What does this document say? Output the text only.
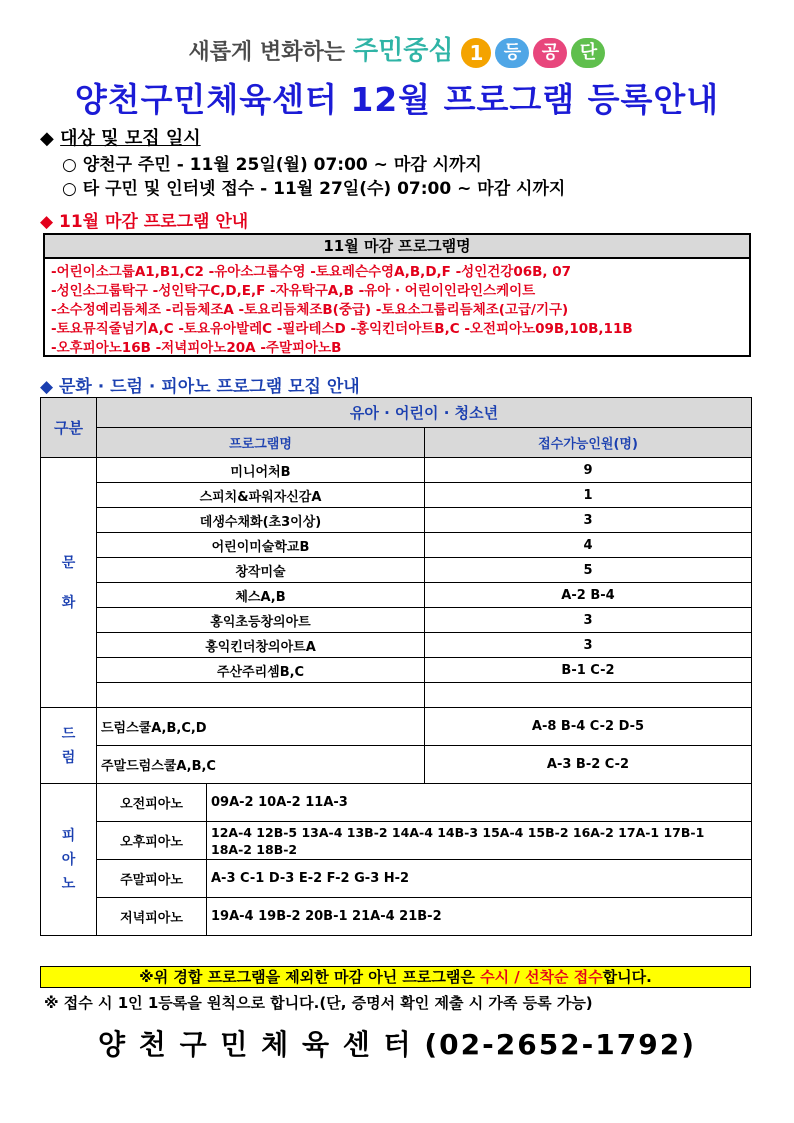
새롭게 변화하는 주민중심 1 등 공 단
양천구민체육센터 12월 프로그램 등록안내
◆ 대상 및 모집 일시
○ 양천구 주민 - 11월 25일(월) 07:00 ~ 마감 시까지
○ 타 구민 및 인터넷 접수 - 11월 27일(수) 07:00 ~ 마감 시까지
◆ 11월 마감 프로그램 안내
11월 마감 프로그램명
-어린이소그룹A1,B1,C2 -유아소그룹수영 -토요레슨수영A,B,D,F -성인건강06B, 07
-성인소그룹탁구 -성인탁구C,D,E,F -자유탁구A,B -유아 · 어린이인라인스케이트
-소수정예리듬체조 -리듬체조A -토요리듬체조B(중급) -토요소그룹리듬체조(고급/기구)
-토요뮤직줄넘기A,C -토요유아발레C -필라테스D -홍익킨더아트B,C -오전피아노09B,10B,11B
-오후피아노16B -저녁피아노20A -주말피아노B
◆ 문화 · 드럼 · 피아노 프로그램 모집 안내
구분	유아 · 어린이 · 청소년		
	프로그램명		접수가능인원(명)

문
화	미니어처B		9
	스피치&파워자신감A		1
	데생수채화(초3이상)		3
	어린이미술학교B		4
	창작미술		5
	체스A,B		A-2 B-4
	홍익초등창의아트		3
	홍익킨더창의아트A		3
	주산주리셈B,C		B-1 C-2

드
럼	드럼스쿨A,B,C,D		A-8 B-4 C-2 D-5
	주말드럼스쿨A,B,C		A-3 B-2 C-2

피
아
노	오전피아노	09A-2 10A-2 11A-3	
	오후피아노	12A-4 12B-5 13A-4 13B-2 14A-4 14B-3 15A-4 15B-2 16A-2 17A-1 17B-1
18A-2 18B-2	

	주말피아노	A-3 C-1 D-3 E-2 F-2 G-3 H-2	
	저녁피아노	19A-4 19B-2 20B-1 21A-4 21B-2	
※위 경합 프로그램을 제외한 마감 아닌 프로그램은 수시 / 선착순 접수합니다.
※ 접수 시 1인 1등록을 원칙으로 합니다.(단, 증명서 확인 제출 시 가족 등록 가능)
양 천 구 민 체 육 센 터 (02-2652-1792)
